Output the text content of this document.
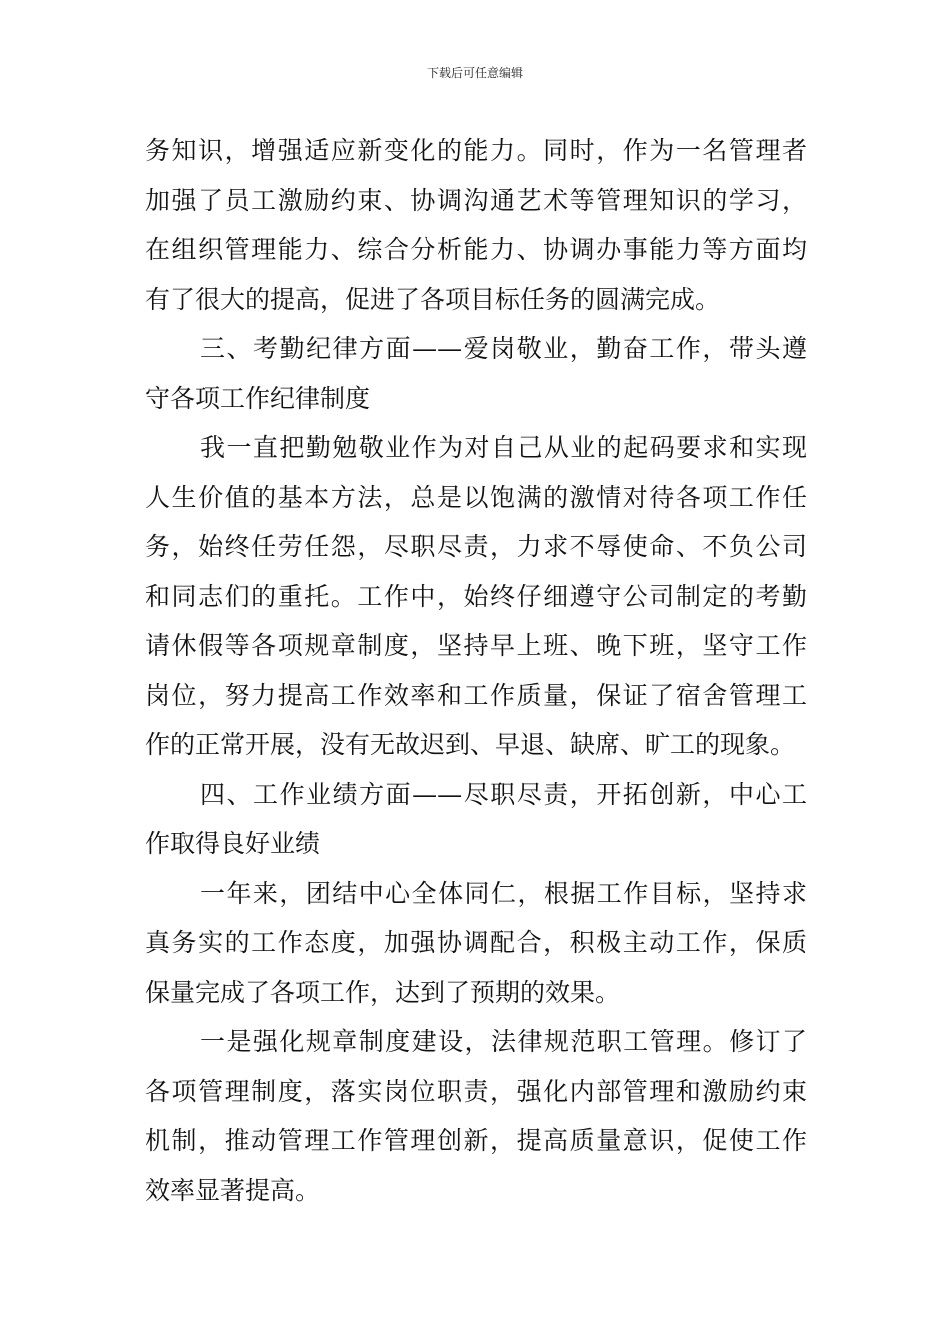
下载后可任意编辑
务知识，增强适应新变化的能力。同时，作为一名管理者
加强了员工激励约束、协调沟通艺术等管理知识的学习，
在组织管理能力、综合分析能力、协调办事能力等方面均
有了很大的提高，促进了各项目标任务的圆满完成。
三、考勤纪律方面——爱岗敬业，勤奋工作，带头遵
守各项工作纪律制度
我一直把勤勉敬业作为对自己从业的起码要求和实现
人生价值的基本方法，总是以饱满的激情对待各项工作任
务，始终任劳任怨，尽职尽责，力求不辱使命、不负公司
和同志们的重托。工作中，始终仔细遵守公司制定的考勤
请休假等各项规章制度，坚持早上班、晚下班，坚守工作
岗位，努力提高工作效率和工作质量，保证了宿舍管理工
作的正常开展，没有无故迟到、早退、缺席、旷工的现象。
四、工作业绩方面——尽职尽责，开拓创新，中心工
作取得良好业绩
一年来，团结中心全体同仁，根据工作目标，坚持求
真务实的工作态度，加强协调配合，积极主动工作，保质
保量完成了各项工作，达到了预期的效果。
一是强化规章制度建设，法律规范职工管理。修订了
各项管理制度，落实岗位职责，强化内部管理和激励约束
机制，推动管理工作管理创新，提高质量意识，促使工作
效率显著提高。
